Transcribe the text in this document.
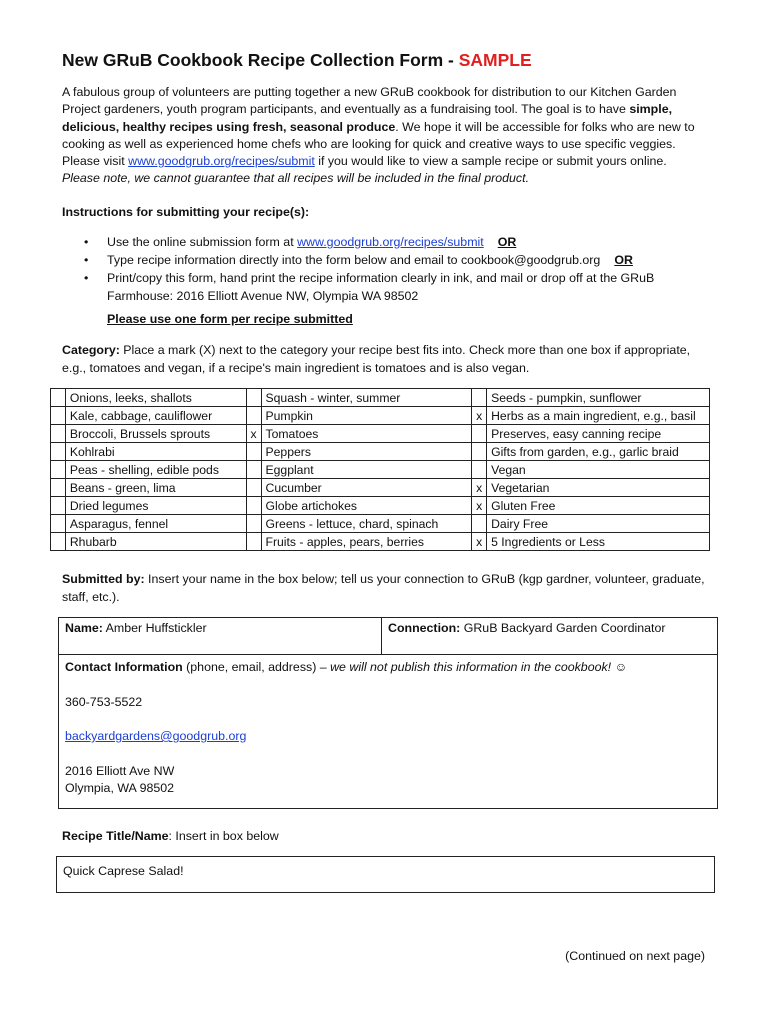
New GRuB Cookbook Recipe Collection Form - SAMPLE
A fabulous group of volunteers are putting together a new GRuB cookbook for distribution to our Kitchen Garden Project gardeners, youth program participants, and eventually as a fundraising tool. The goal is to have simple, delicious, healthy recipes using fresh, seasonal produce. We hope it will be accessible for folks who are new to cooking as well as experienced home chefs who are looking for quick and creative ways to use specific veggies. Please visit www.goodgrub.org/recipes/submit if you would like to view a sample recipe or submit yours online.
Please note, we cannot guarantee that all recipes will be included in the final product.
Instructions for submitting your recipe(s):
• Use the online submission form at www.goodgrub.org/recipes/submit OR
• Type recipe information directly into the form below and email to cookbook@goodgrub.org OR
• Print/copy this form, hand print the recipe information clearly in ink, and mail or drop off at the GRuB Farmhouse: 2016 Elliott Avenue NW, Olympia WA 98502
Please use one form per recipe submitted
Category: Place a mark (X) next to the category your recipe best fits into. Check more than one box if appropriate, e.g., tomatoes and vegan, if a recipe's main ingredient is tomatoes and is also vegan.
	Onions, leeks, shallots		Squash - winter, summer		Seeds - pumpkin, sunflower
	Kale, cabbage, cauliflower		Pumpkin	x	Herbs as a main ingredient, e.g., basil
	Broccoli, Brussels sprouts	x	Tomatoes		Preserves, easy canning recipe
	Kohlrabi		Peppers		Gifts from garden, e.g., garlic braid
	Peas - shelling, edible pods		Eggplant		Vegan
	Beans - green, lima		Cucumber	x	Vegetarian
	Dried legumes		Globe artichokes	x	Gluten Free
	Asparagus, fennel		Greens - lettuce, chard, spinach		Dairy Free
	Rhubarb		Fruits - apples, pears, berries	x	5 Ingredients or Less
Submitted by: Insert your name in the box below; tell us your connection to GRuB (kgp gardner, volunteer, graduate, staff, etc.).
Name: Amber Huffstickler	Connection: GRuB Backyard Garden Coordinator

Contact Information (phone, email, address) – we will not publish this information in the cookbook! ☺

360-753-5522

backyardgardens@goodgrub.org

2016 Elliott Ave NW

Olympia, WA 98502

Recipe Title/Name: Insert in box below
Quick Caprese Salad!
(Continued on next page)
